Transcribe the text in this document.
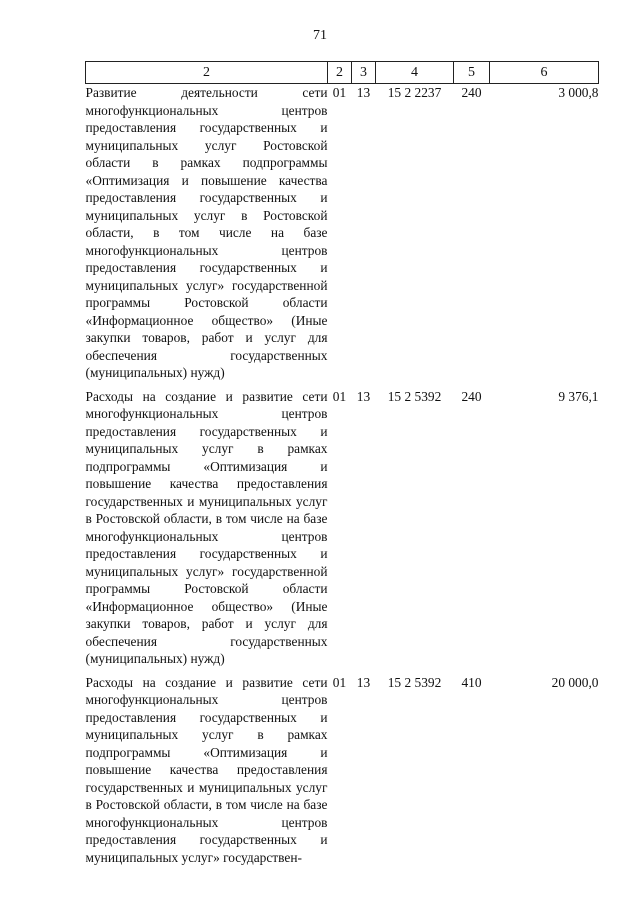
71
2	2	3	4	5	6

Развитие деятельности сети многофункциональных центров предоставления государственных и муниципальных услуг Ростовской области в рамках подпрограммы «Оптимизация и повышение качества предоставления государственных и муниципальных услуг в Ростовской области, в том числе на базе многофункциональных центров предоставления государственных и муниципальных услуг» государственной программы Ростовской области «Информационное общество» (Иные закупки товаров, работ и услуг для обеспечения государственных (муниципальных) нужд)	01	13	15 2 2237	240	3 000,8

Расходы на создание и развитие сети многофункциональных центров предоставления государственных и муниципальных услуг в рамках подпрограммы «Оптимизация и повышение качества предоставления государственных и муниципальных услуг в Ростовской области, в том числе на базе многофункциональных центров предоставления государственных и муниципальных услуг» государственной программы Ростовской области «Информационное общество» (Иные закупки товаров, работ и услуг для обеспечения государственных (муниципальных) нужд)	01	13	15 2 5392	240	9 376,1

Расходы на создание и развитие сети многофункциональных центров предоставления государственных и муниципальных услуг в рамках подпрограммы «Оптимизация и повышение качества предоставления государственных и муниципальных услуг в Ростовской области, в том числе на базе многофункциональных центров предоставления государственных и муниципальных услуг» государствен-	01	13	15 2 5392	410	20 000,0
